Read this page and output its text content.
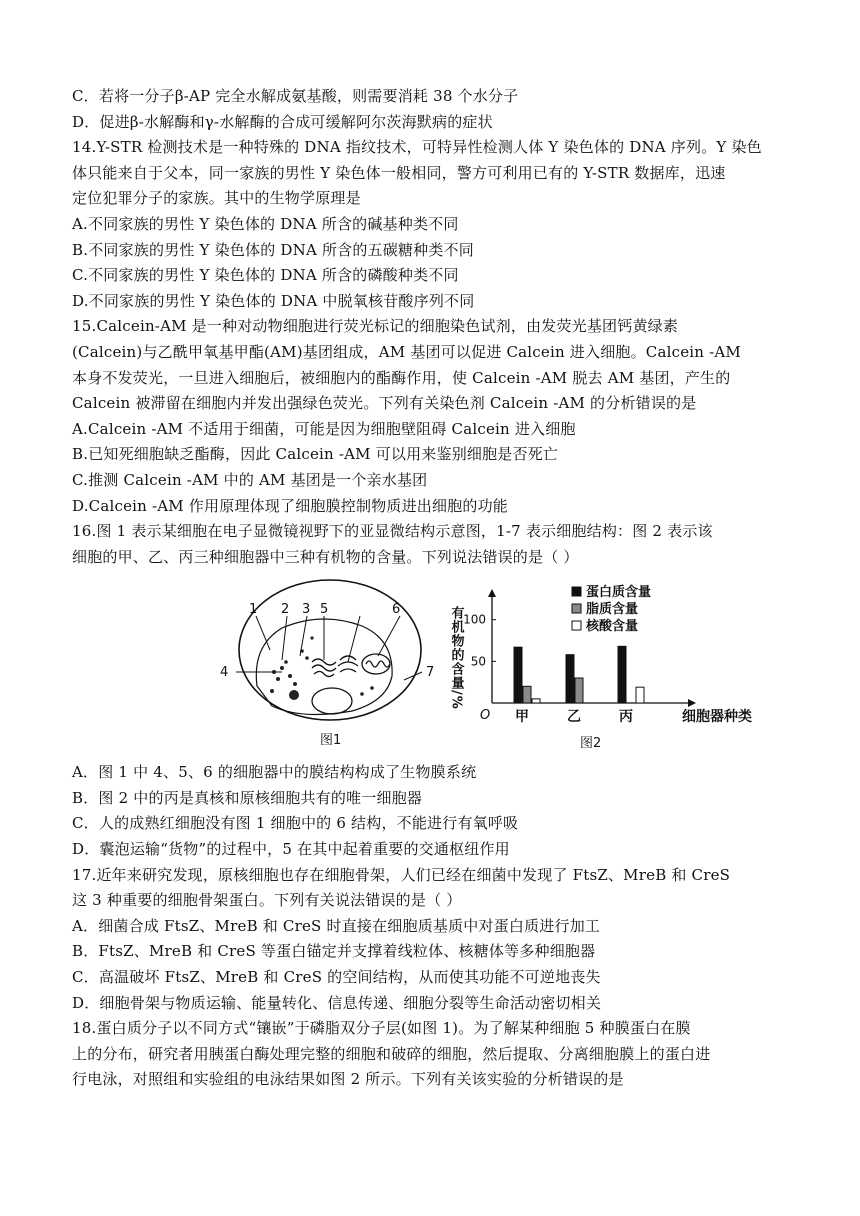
C．若将一分子β-AP 完全水解成氨基酸，则需要消耗 38 个水分子
D．促进β-水解酶和γ-水解酶的合成可缓解阿尔茨海默病的症状
14.Y-STR 检测技术是一种特殊的 DNA 指纹技术，可特异性检测人体 Y 染色体的 DNA 序列。Y 染色
体只能来自于父本，同一家族的男性 Y 染色体一般相同，警方可利用已有的 Y-STR 数据库，迅速
定位犯罪分子的家族。其中的生物学原理是
A.不同家族的男性 Y 染色体的 DNA 所含的碱基种类不同
B.不同家族的男性 Y 染色体的 DNA 所含的五碳糖种类不同
C.不同家族的男性 Y 染色体的 DNA 所含的磷酸种类不同
D.不同家族的男性 Y 染色体的 DNA 中脱氧核苷酸序列不同
15.Calcein-AM 是一种对动物细胞进行荧光标记的细胞染色试剂，由发荧光基团钙黄绿素
(Calcein)与乙酰甲氧基甲酯(AM)基团组成，AM 基团可以促进 Calcein 进入细胞。Calcein -AM
本身不发荧光，一旦进入细胞后，被细胞内的酯酶作用，使 Calcein -AM 脱去 AM 基团，产生的
Calcein 被滞留在细胞内并发出强绿色荧光。下列有关染色剂 Calcein -AM 的分析错误的是
A.Calcein -AM 不适用于细菌，可能是因为细胞壁阻碍 Calcein 进入细胞
B.已知死细胞缺乏酯酶，因此 Calcein -AM 可以用来鉴别细胞是否死亡
C.推测 Calcein -AM 中的 AM 基团是一个亲水基团
D.Calcein -AM 作用原理体现了细胞膜控制物质进出细胞的功能
16.图 1 表示某细胞在电子显微镜视野下的亚显微结构示意图，1-7 表示细胞结构：图 2 表示该
细胞的甲、乙、丙三种细胞器中三种有机物的含量。下列说法错误的是（ ）
1 2 3
4
5	6
7
图1
50
100
O
有机物的含量/%
甲	乙	丙	细胞器种类
蛋白质含量
脂质含量
核酸含量
图2
A．图 1 中 4、5、6 的细胞器中的膜结构构成了生物膜系统
B．图 2 中的丙是真核和原核细胞共有的唯一细胞器
C．人的成熟红细胞没有图 1 细胞中的 6 结构，不能进行有氧呼吸
D．囊泡运输“货物”的过程中，5 在其中起着重要的交通枢纽作用
17.近年来研究发现，原核细胞也存在细胞骨架，人们已经在细菌中发现了 FtsZ、MreB 和 CreS
这 3 种重要的细胞骨架蛋白。下列有关说法错误的是（ ）
A．细菌合成 FtsZ、MreB 和 CreS 时直接在细胞质基质中对蛋白质进行加工
B．FtsZ、MreB 和 CreS 等蛋白锚定并支撑着线粒体、核糖体等多种细胞器
C．高温破坏 FtsZ、MreB 和 CreS 的空间结构，从而使其功能不可逆地丧失
D．细胞骨架与物质运输、能量转化、信息传递、细胞分裂等生命活动密切相关
18.蛋白质分子以不同方式“镶嵌”于磷脂双分子层(如图 1)。为了解某种细胞 5 种膜蛋白在膜
上的分布，研究者用胰蛋白酶处理完整的细胞和破碎的细胞，然后提取、分离细胞膜上的蛋白进
行电泳，对照组和实验组的电泳结果如图 2 所示。下列有关该实验的分析错误的是
